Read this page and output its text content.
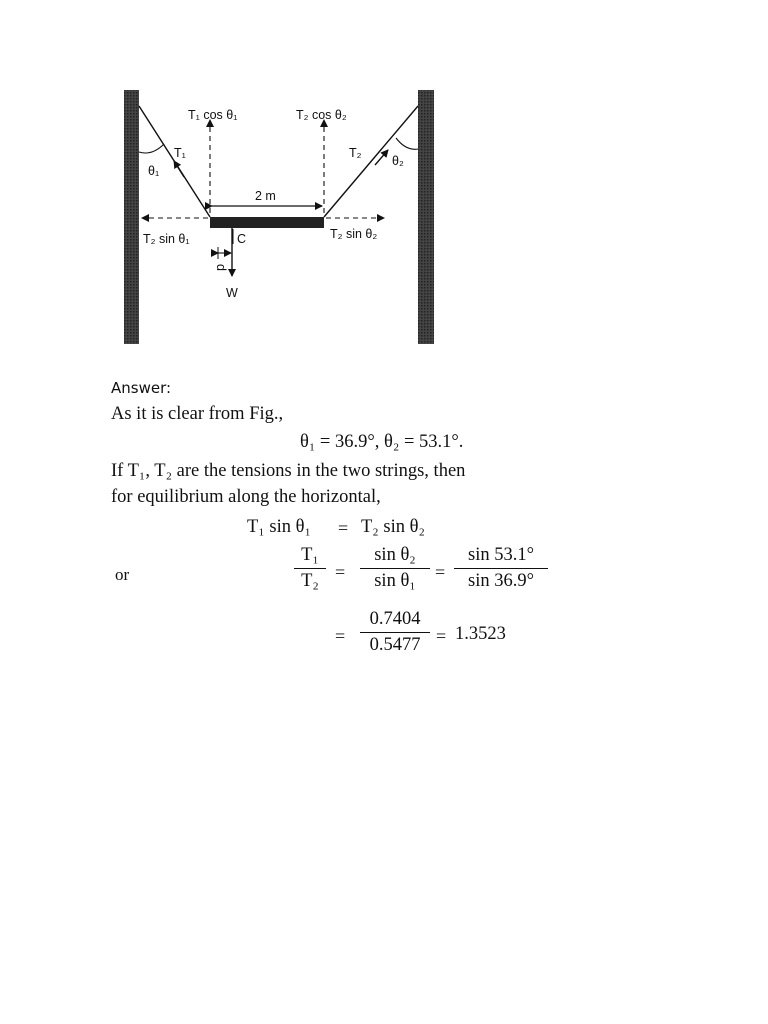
T₁ cos θ₁	T₂ cos θ₂
T₁	T₂
θ₁
θ₂
2 m
T₂ sin θ₁	C	T₂ sin θ₂
d
W
Answer:
As it is clear from Fig.,
θ₁ = 36.9°, θ₂ = 53.1°.
If T₁, T₂ are the tensions in the two strings, then
for equilibrium along the horizontal,
T₁ sin θ₁ = T₂ sin θ₂
or	$\frac{\text{T₁}}{\text{T₂}} = \frac{\text{sin θ₂}}{\text{sin θ₁}} = \frac{\sin 53.1^\circ}{\sin 36.9^\circ}$
= $\frac{0.7404}{0.5477} = 1.3523$
